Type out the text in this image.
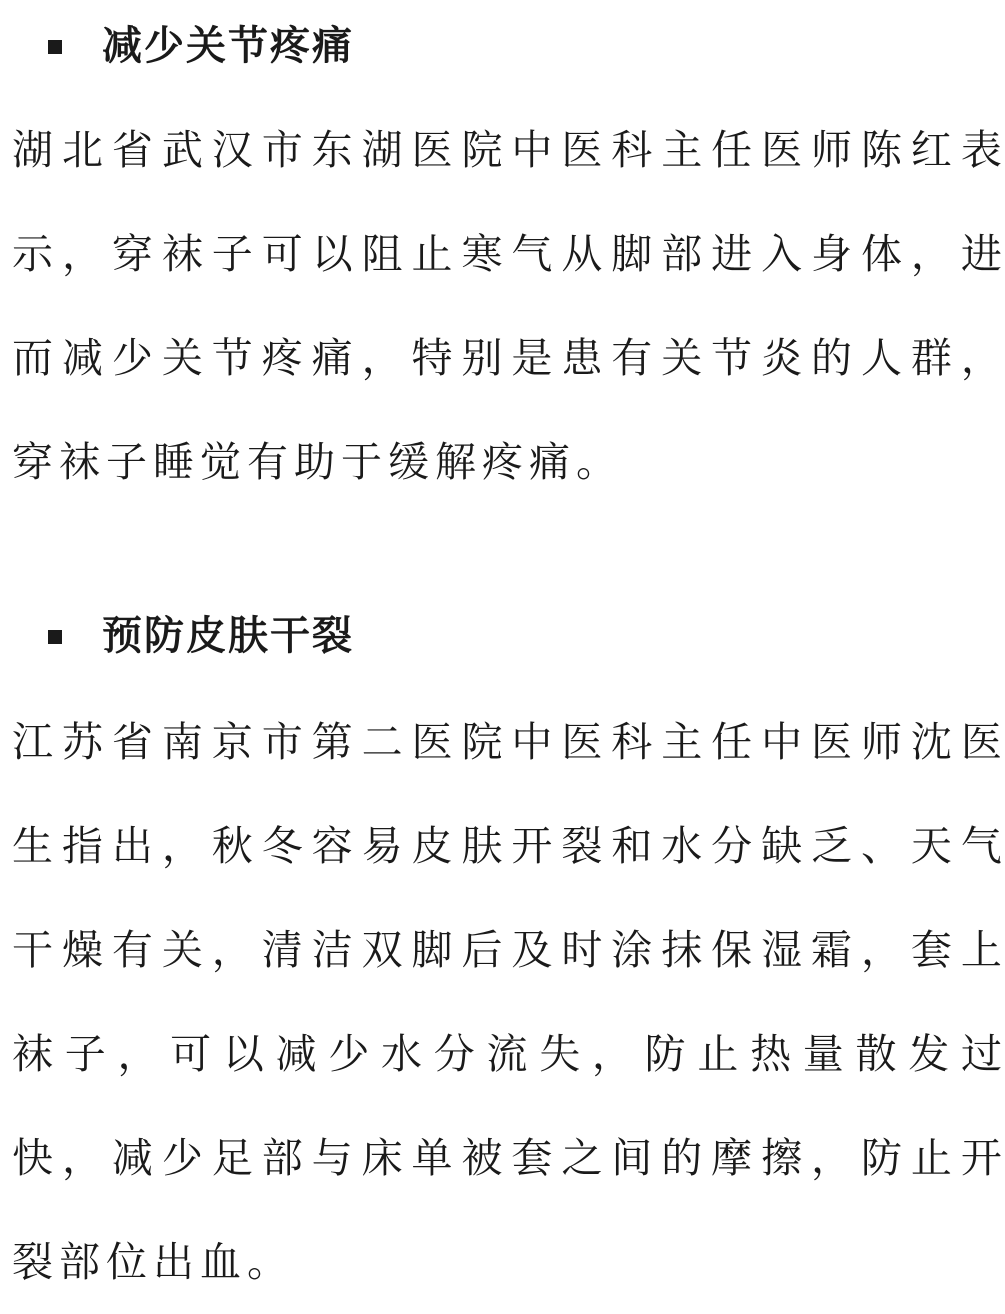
减少关节疼痛
湖 北 省 武 汉 市 东 湖 医 院 中 医 科 主 任 医 师 陈 红 表
示 ， 穿 袜 子 可 以 阻 止 寒 气 从 脚 部 进 入 身 体 ， 进
而 减 少 关 节 疼 痛 ， 特 别 是 患 有 关 节 炎 的 人 群 ，
穿袜子睡觉有助于缓解疼痛。
预防皮肤干裂
江 苏 省 南 京 市 第 二 医 院 中 医 科 主 任 中 医 师 沈 医
生 指 出 ， 秋 冬 容 易 皮 肤 开 裂 和 水 分 缺 乏 、 天 气
干 燥 有 关 ， 清 洁 双 脚 后 及 时 涂 抹 保 湿 霜 ， 套 上
袜 子 ， 可 以 减 少 水 分 流 失 ， 防 止 热 量 散 发 过
快 ， 减 少 足 部 与 床 单 被 套 之 间 的 摩 擦 ， 防 止 开
裂部位出血。
